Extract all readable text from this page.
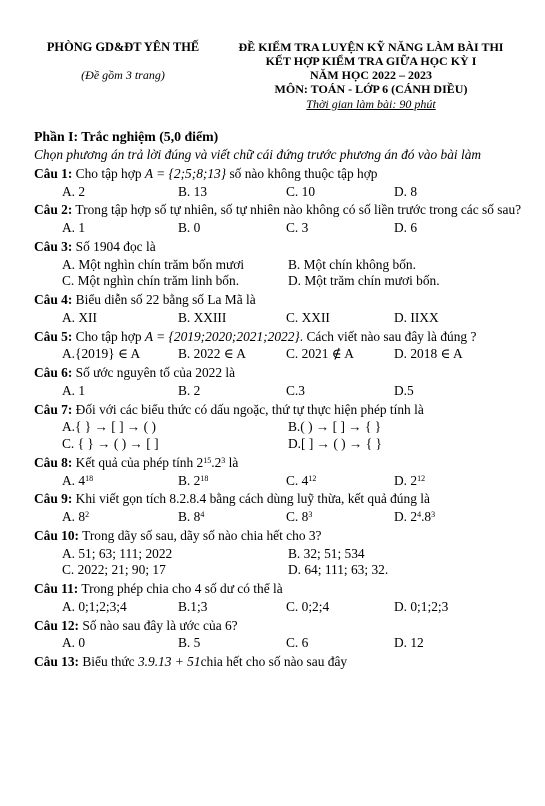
PHÒNG GD&ĐT YÊN THẾ
(Đề gồm 3 trang)
ĐỀ KIỂM TRA LUYỆN KỸ NĂNG LÀM BÀI THI
KẾT HỢP KIỂM TRA GIỮA HỌC KỲ I
NĂM HỌC 2022 – 2023
MÔN: TOÁN - LỚP 6 (CÁNH DIỀU)
Thời gian làm bài: 90 phút
Phần I: Trắc nghiệm (5,0 điểm)
Chọn phương án trả lời đúng và viết chữ cái đứng trước phương án đó vào bài làm
Câu 1: Cho tập hợp A = {2;5;8;13} số nào không thuộc tập hợp
A. 2	B. 13	C. 10	D. 8
Câu 2: Trong tập hợp số tự nhiên, số tự nhiên nào không có số liền trước trong các số sau?
A. 1	B. 0	C. 3	D. 6
Câu 3: Số 1904 đọc là
A. Một nghìn chín trăm bốn mươi	B. Một chín không bốn.
C. Một nghìn chín trăm linh bốn.	D. Một trăm chín mươi bốn.
Câu 4: Biểu diễn số 22 bằng số La Mã là
A. XII	B. XXIII	C. XXII	D. IIXX
Câu 5: Cho tập hợp A = {2019;2020;2021;2022}. Cách viết nào sau đây là đúng ?
A.{2019} ∈ A	B. 2022 ∈ A	C. 2021 ∉ A	D. 2018 ∈ A
Câu 6: Số ước nguyên tố của 2022 là
A. 1	B. 2	C.3	D.5
Câu 7: Đối với các biểu thức có dấu ngoặc, thứ tự thực hiện phép tính là
A.{ } → [ ] → ( )	B.( ) → [ ] → { }
C. { } → ( ) → [ ]	D.[ ] → ( ) → { }
Câu 8: Kết quả của phép tính $2^{15}.2^3$ là
A. $4^{18}$	B. $2^{18}$	C. $4^{12}$	D. $2^{12}$
Câu 9: Khi viết gọn tích 8.2.8.4 bằng cách dùng luỹ thừa, kết quả đúng là
A. $8^2$	B. $8^4$	C. $8^3$	D. $2^4.8^3$
Câu 10: Trong dãy số sau, dãy số nào chia hết cho 3?
A. 51; 63; 111; 2022	B. 32; 51; 534
C. 2022; 21; 90; 17	D. 64; 111; 63; 32.
Câu 11: Trong phép chia cho 4 số dư có thể là
A. 0;1;2;3;4	B.1;3	C. 0;2;4	D. 0;1;2;3
Câu 12: Số nào sau đây là ước của 6?
A. 0	B. 5	C. 6	D. 12
Câu 13: Biểu thức 3.9.13 + 51chia hết cho số nào sau đây
